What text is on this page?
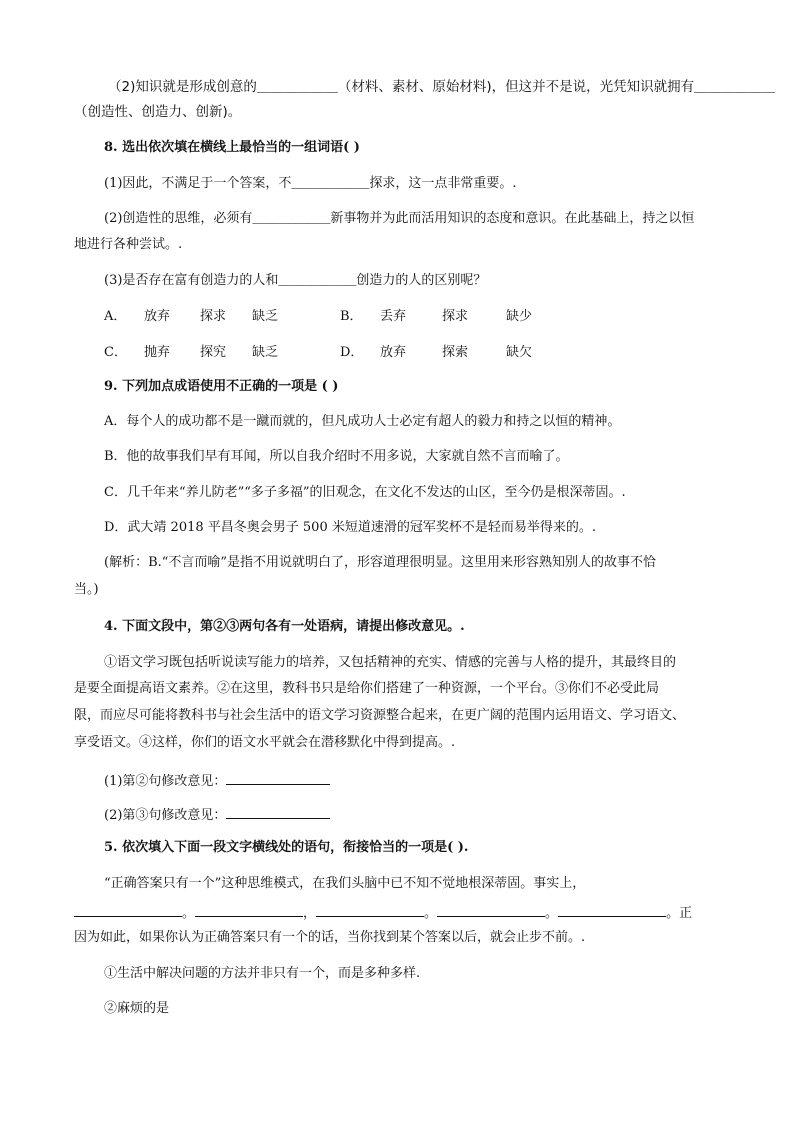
（2)知识就是形成创意的＿＿＿＿＿＿（材料、素材、原始材料)，但这并不是说，光凭知识就拥有＿＿＿＿＿＿
（创造性、创造力、创新)。
8. 选出依次填在横线上最恰当的一组词语( )
(1)因此，不满足于一个答案，不＿＿＿＿＿＿探求，这一点非常重要。.
(2)创造性的思维，必须有＿＿＿＿＿＿新事物并为此而活用知识的态度和意识。在此基础上，持之以恒
地进行各种尝试。.
(3)是否存在富有创造力的人和＿＿＿＿＿＿创造力的人的区别呢？
A． 放弃 探求 缺乏	B． 丢弃	探求	缺少
C． 抛弃 探究 缺乏	D． 放弃	探索	缺欠
9. 下列加点成语使用不正确的一项是 ( )
A．每个人的成功都不是一蹴而就的，但凡成功人士必定有超人的毅力和持之以恒的精神。
B．他的故事我们早有耳闻，所以自我介绍时不用多说，大家就自然不言而喻了。
C．几千年来“养儿防老”“多子多福”的旧观念，在文化不发达的山区，至今仍是根深蒂固。.
D．武大靖 2018 平昌冬奥会男子 500 米短道速滑的冠军奖杯不是轻而易举得来的。.
(解析：B.“不言而喻”是指不用说就明白了，形容道理很明显。这里用来形容熟知别人的故事不恰
当。)
4. 下面文段中，第②③两句各有一处语病，请提出修改意见。.
①语文学习既包括听说读写能力的培养，又包括精神的充实、情感的完善与人格的提升，其最终目的
是要全面提高语文素养。②在这里，教科书只是给你们搭建了一种资源，一个平台。③你们不必受此局
限，而应尽可能将教科书与社会生活中的语文学习资源整合起来，在更广阔的范围内运用语文、学习语文、
享受语文。④这样，你们的语文水平就会在潜移默化中得到提高。.
(1)第②句修改意见：
(2)第③句修改意见：
5. 依次填入下面一段文字横线处的语句，衔接恰当的一项是( ).
“正确答案只有一个”这种思维模式，在我们头脑中已不知不觉地根深蒂固。事实上，
。	，	。	。	。正
因为如此，如果你认为正确答案只有一个的话，当你找到某个答案以后，就会止步不前。.
①生活中解决问题的方法并非只有一个，而是多种多样.
②麻烦的是
